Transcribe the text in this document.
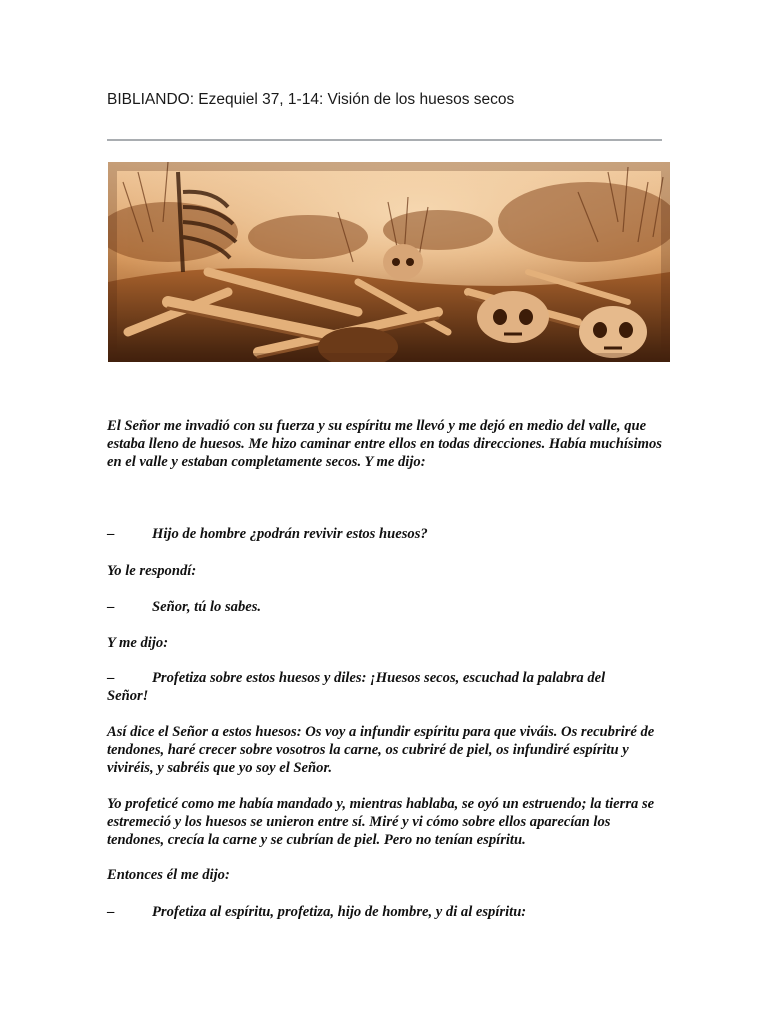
BIBLIANDO: Ezequiel 37, 1-14: Visión de los huesos secos

El Señor me invadió con su fuerza y su espíritu me llevó y me dejó en medio del valle, que estaba lleno de huesos. Me hizo caminar entre ellos en todas direcciones. Había muchísimos en el valle y estaban completamente secos. Y me dijo:

–	Hijo de hombre ¿podrán revivir estos huesos?

Yo le respondí:

–	Señor, tú lo sabes.

Y me dijo:

–	Profetiza sobre estos huesos y diles: ¡Huesos secos, escuchad la palabra del
Señor!

Así dice el Señor a estos huesos: Os voy a infundir espíritu para que viváis. Os recubriré de tendones, haré crecer sobre vosotros la carne, os cubriré de piel, os infundiré espíritu y viviréis, y sabréis que yo soy el Señor.

Yo profeticé como me había mandado y, mientras hablaba, se oyó un estruendo; la tierra se estremeció y los huesos se unieron entre sí. Miré y vi cómo sobre ellos aparecían los tendones, crecía la carne y se cubrían de piel. Pero no tenían espíritu.

Entonces él me dijo:

–	Profetiza al espíritu, profetiza, hijo de hombre, y di al espíritu:
